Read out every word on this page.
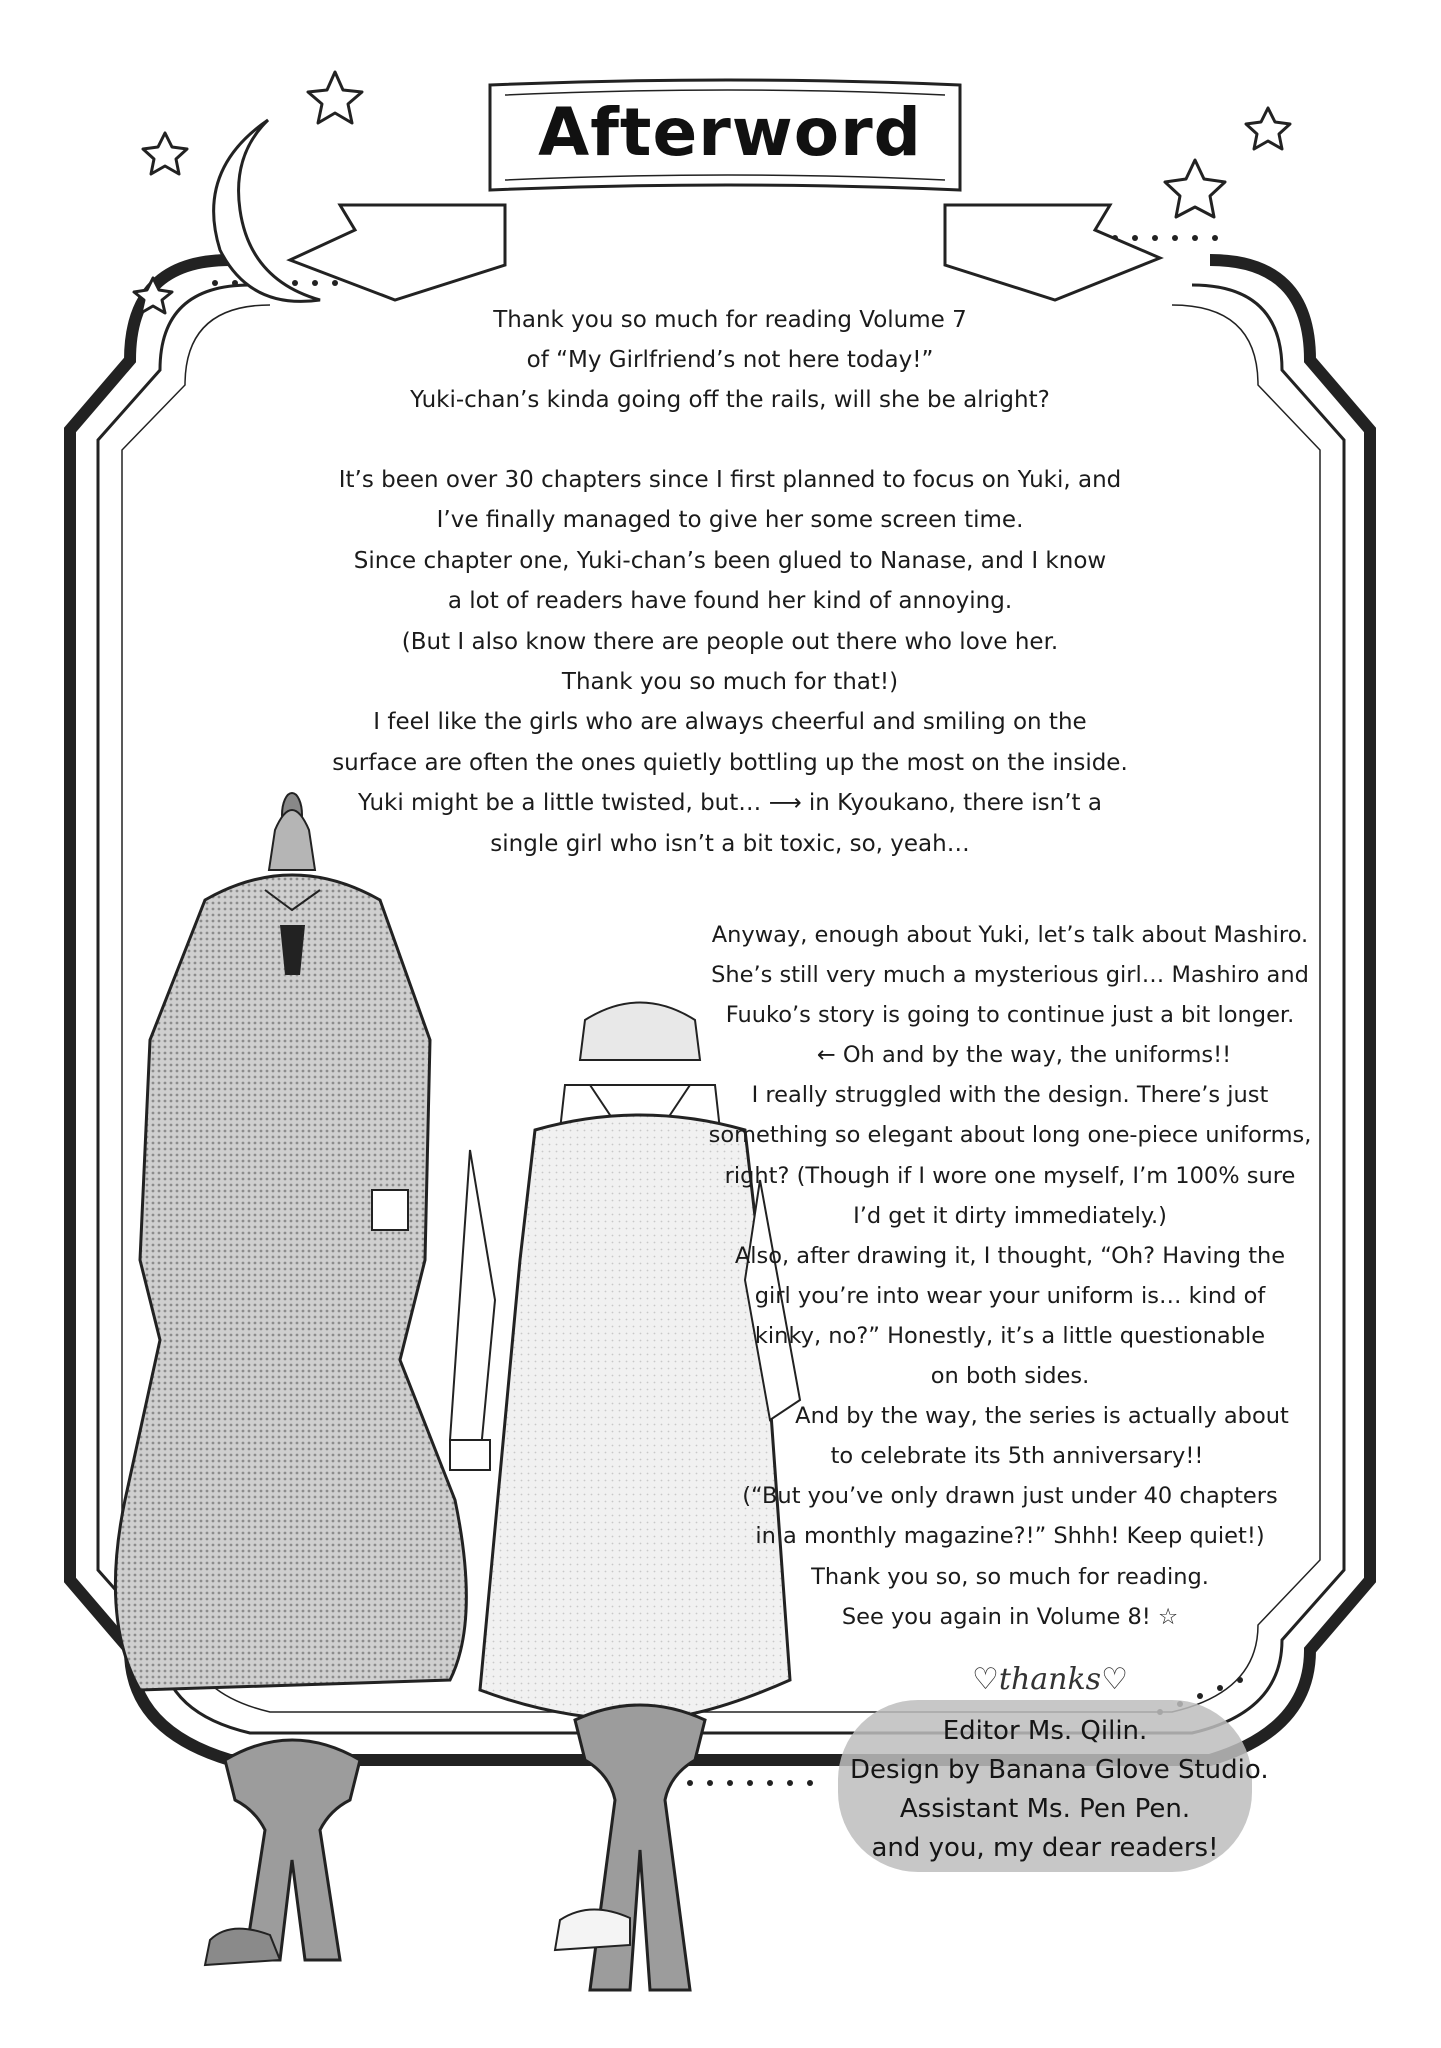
Afterword
Thank you so much for reading Volume 7
of “My Girlfriend’s not here today!”
Yuki-chan’s kinda going off the rails, will she be alright?
It’s been over 30 chapters since I first planned to focus on Yuki, and
I’ve finally managed to give her some screen time.
Since chapter one, Yuki-chan’s been glued to Nanase, and I know
a lot of readers have found her kind of annoying.
(But I also know there are people out there who love her.
Thank you so much for that!)
I feel like the girls who are always cheerful and smiling on the
surface are often the ones quietly bottling up the most on the inside.
Yuki might be a little twisted, but… ⟶ in Kyoukano, there isn’t a
single girl who isn’t a bit toxic, so, yeah…
Anyway, enough about Yuki, let’s talk about Mashiro.
She’s still very much a mysterious girl… Mashiro and
Fuuko’s story is going to continue just a bit longer.
← Oh and by the way, the uniforms!!
I really struggled with the design. There’s just
something so elegant about long one-piece uniforms,
right? (Though if I wore one myself, I’m 100% sure
I’d get it dirty immediately.)
Also, after drawing it, I thought, “Oh? Having the
girl you’re into wear your uniform is… kind of
kinky, no?” Honestly, it’s a little questionable
on both sides.
And by the way, the series is actually about
to celebrate its 5th anniversary!!
(“But you’ve only drawn just under 40 chapters
in a monthly magazine?!” Shhh! Keep quiet!)
Thank you so, so much for reading.
See you again in Volume 8! ☆
♡thanks♡
Editor Ms. Qilin.
Design by Banana Glove Studio.
Assistant Ms. Pen Pen.
and you, my dear readers!
